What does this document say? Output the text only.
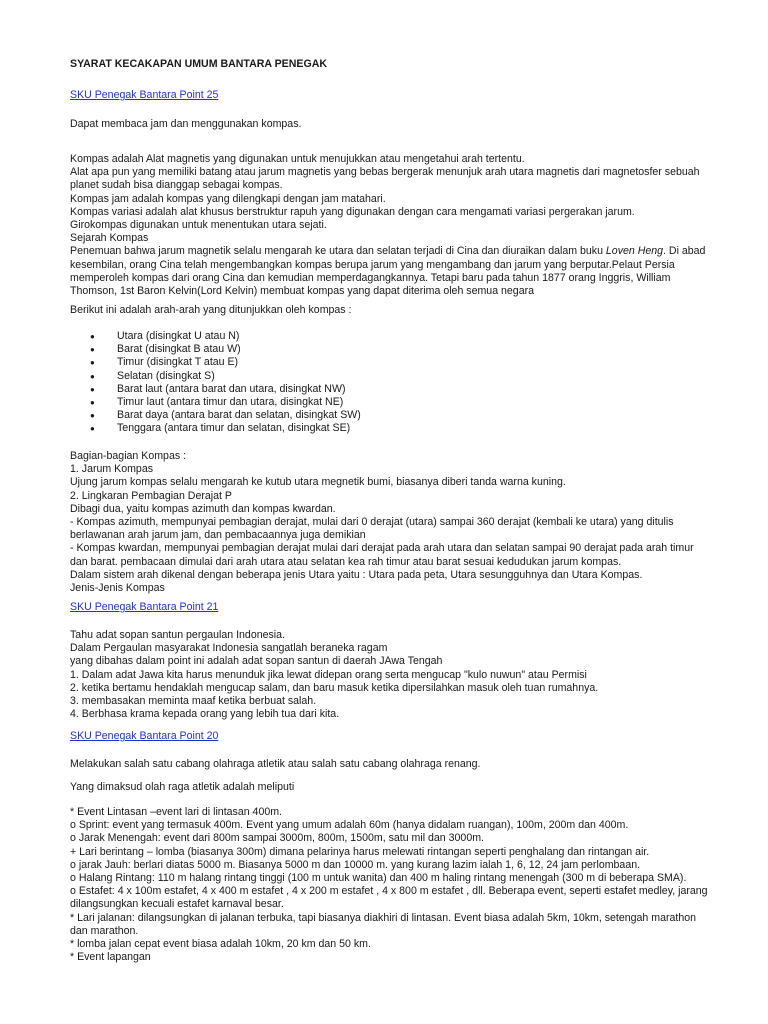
SYARAT KECAKAPAN UMUM BANTARA PENEGAK

SKU Penegak Bantara Point 25

Dapat membaca jam dan menggunakan kompas.

Kompas adalah Alat magnetis yang digunakan untuk menujukkan atau mengetahui arah tertentu.
Alat apa pun yang memiliki batang atau jarum magnetis yang bebas bergerak menunjuk arah utara magnetis dari magnetosfer sebuah
planet sudah bisa dianggap sebagai kompas.
Kompas jam adalah kompas yang dilengkapi dengan jam matahari.
Kompas variasi adalah alat khusus berstruktur rapuh yang digunakan dengan cara mengamati variasi pergerakan jarum.
Girokompas digunakan untuk menentukan utara sejati.
Sejarah Kompas
Penemuan bahwa jarum magnetik selalu mengarah ke utara dan selatan terjadi di Cina dan diuraikan dalam buku Loven Heng. Di abad
kesembilan, orang Cina telah mengembangkan kompas berupa jarum yang mengambang dan jarum yang berputar.Pelaut Persia
memperoleh kompas dari orang Cina dan kemudian memperdagangkannya. Tetapi baru pada tahun 1877 orang Inggris, William
Thomson, 1st Baron Kelvin(Lord Kelvin) membuat kompas yang dapat diterima oleh semua negara

Berikut ini adalah arah-arah yang ditunjukkan oleh kompas :

● Utara (disingkat U atau N)
● Barat (disingkat B atau W)
● Timur (disingkat T atau E)
● Selatan (disingkat S)
● Barat laut (antara barat dan utara, disingkat NW)
● Timur laut (antara timur dan utara, disingkat NE)
● Barat daya (antara barat dan selatan, disingkat SW)
● Tenggara (antara timur dan selatan, disingkat SE)
Bagian-bagian Kompas :
1. Jarum Kompas
Ujung jarum kompas selalu mengarah ke kutub utara megnetik bumi, biasanya diberi tanda warna kuning.
2. Lingkaran Pembagian Derajat P
Dibagi dua, yaitu kompas azimuth dan kompas kwardan.
- Kompas azimuth, mempunyai pembagian derajat, mulai dari 0 derajat (utara) sampai 360 derajat (kembali ke utara) yang ditulis
berlawanan arah jarum jam, dan pembacaannya juga demikian
- Kompas kwardan, mempunyai pembagian derajat mulai dari derajat pada arah utara dan selatan sampai 90 derajat pada arah timur
dan barat. pembacaan dimulai dari arah utara atau selatan kea rah timur atau barat sesuai kedudukan jarum kompas.
Dalam sistem arah dikenal dengan beberapa jenis Utara yaitu : Utara pada peta, Utara sesungguhnya dan Utara Kompas.
Jenis-Jenis Kompas

SKU Penegak Bantara Point 21

Tahu adat sopan santun pergaulan Indonesia.
Dalam Pergaulan masyarakat Indonesia sangatlah beraneka ragam
yang dibahas dalam point ini adalah adat sopan santun di daerah JAwa Tengah
1. Dalam adat Jawa kita harus menunduk jika lewat didepan orang serta mengucap "kulo nuwun" atau Permisi
2. ketika bertamu hendaklah mengucap salam, dan baru masuk ketika dipersilahkan masuk oleh tuan rumahnya.
3. membasakan meminta maaf ketika berbuat salah.
4. Berbhasa krama kepada orang yang lebih tua dari kita.

SKU Penegak Bantara Point 20

Melakukan salah satu cabang olahraga atletik atau salah satu cabang olahraga renang.

Yang dimaksud olah raga atletik adalah meliputi

* Event Lintasan –event lari di lintasan 400m.
o Sprint: event yang termasuk 400m. Event yang umum adalah 60m (hanya didalam ruangan), 100m, 200m dan 400m.
o Jarak Menengah: event dari 800m sampai 3000m, 800m, 1500m, satu mil dan 3000m.
+ Lari berintang – lomba (biasanya 300m) dimana pelarinya harus melewati rintangan seperti penghalang dan rintangan air.
o jarak Jauh: berlari diatas 5000 m. Biasanya 5000 m dan 10000 m. yang kurang lazim ialah 1, 6, 12, 24 jam perlombaan.
o Halang Rintang: 110 m halang rintang tinggi (100 m untuk wanita) dan 400 m haling rintang menengah (300 m di beberapa SMA).
o Estafet: 4 x 100m estafet, 4 x 400 m estafet , 4 x 200 m estafet , 4 x 800 m estafet , dll. Beberapa event, seperti estafet medley, jarang
dilangsungkan kecuali estafet karnaval besar.
* Lari jalanan: dilangsungkan di jalanan terbuka, tapi biasanya diakhiri di lintasan. Event biasa adalah 5km, 10km, setengah marathon
dan marathon.
* lomba jalan cepat event biasa adalah 10km, 20 km dan 50 km.
* Event lapangan
